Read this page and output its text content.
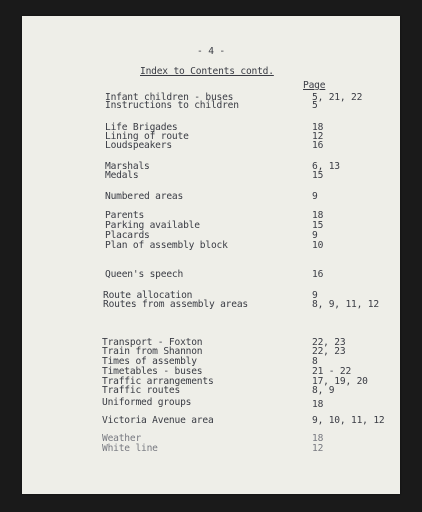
- 4 -
Index to Contents contd.
Page
Infant children - buses	5, 21, 22
Instructions to children	5
Life Brigades	18
Lining of route	12
Loudspeakers	16
Marshals	6, 13
Medals	15
Numbered areas	9
Parents	18
Parking available	15
Placards	9
Plan of assembly block	10
Queen's speech	16
Route allocation	9
Routes from assembly areas	8, 9, 11, 12
Transport - Foxton	22, 23
Train from Shannon	22, 23
Times of assembly	8
Timetables - buses	21 - 22
Traffic arrangements	17, 19, 20
Traffic routes	8, 9
Uniformed groups	18
Victoria Avenue area	9, 10, 11, 12
Weather	18
White line	12
